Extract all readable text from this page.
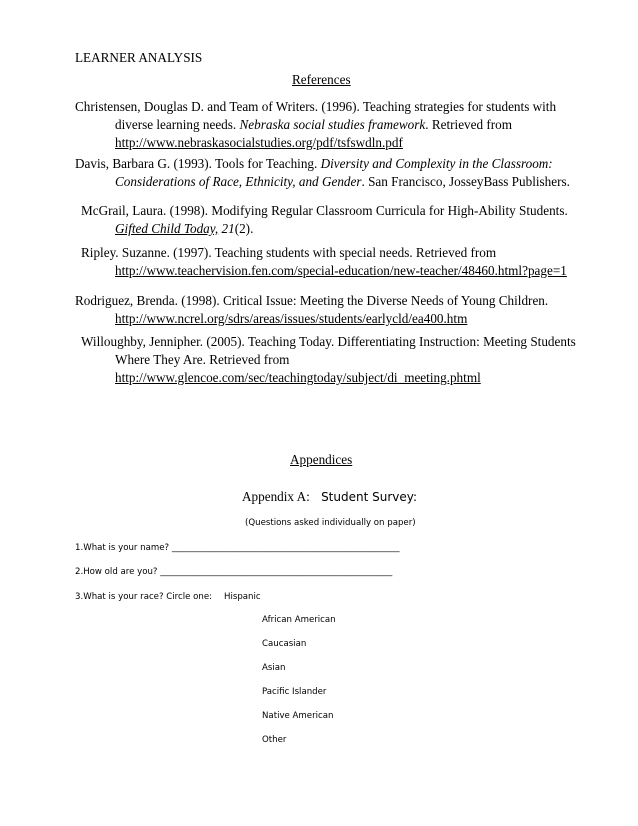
LEARNER ANALYSIS
References
Christensen, Douglas D. and Team of Writers. (1996). Teaching strategies for students with
diverse learning needs. Nebraska social studies framework. Retrieved from
http://www.nebraskasocialstudies.org/pdf/tsfswdln.pdf
Davis, Barbara G. (1993). Tools for Teaching. Diversity and Complexity in the Classroom:
Considerations of Race, Ethnicity, and Gender. San Francisco, JosseyBass Publishers.
McGrail, Laura. (1998). Modifying Regular Classroom Curricula for High-Ability Students.
Gifted Child Today, 21(2).
Ripley. Suzanne. (1997). Teaching students with special needs. Retrieved from
http://www.teachervision.fen.com/special-education/new-teacher/48460.html?page=1
Rodriguez, Brenda. (1998). Critical Issue: Meeting the Diverse Needs of Young Children.
http://www.ncrel.org/sdrs/areas/issues/students/earlycld/ea400.htm
Willoughby, Jennipher. (2005). Teaching Today. Differentiating Instruction: Meeting Students
Where They Are. Retrieved from
http://www.glencoe.com/sec/teachingtoday/subject/di_meeting.phtml
Appendices
Appendix A: Student Survey:
(Questions asked individually on paper)
1.What is your name? _____________________________________________________
2.How old are you? ______________________________________________________
3.What is your race? Circle one: Hispanic
African American
Caucasian
Asian
Pacific Islander
Native American
Other
